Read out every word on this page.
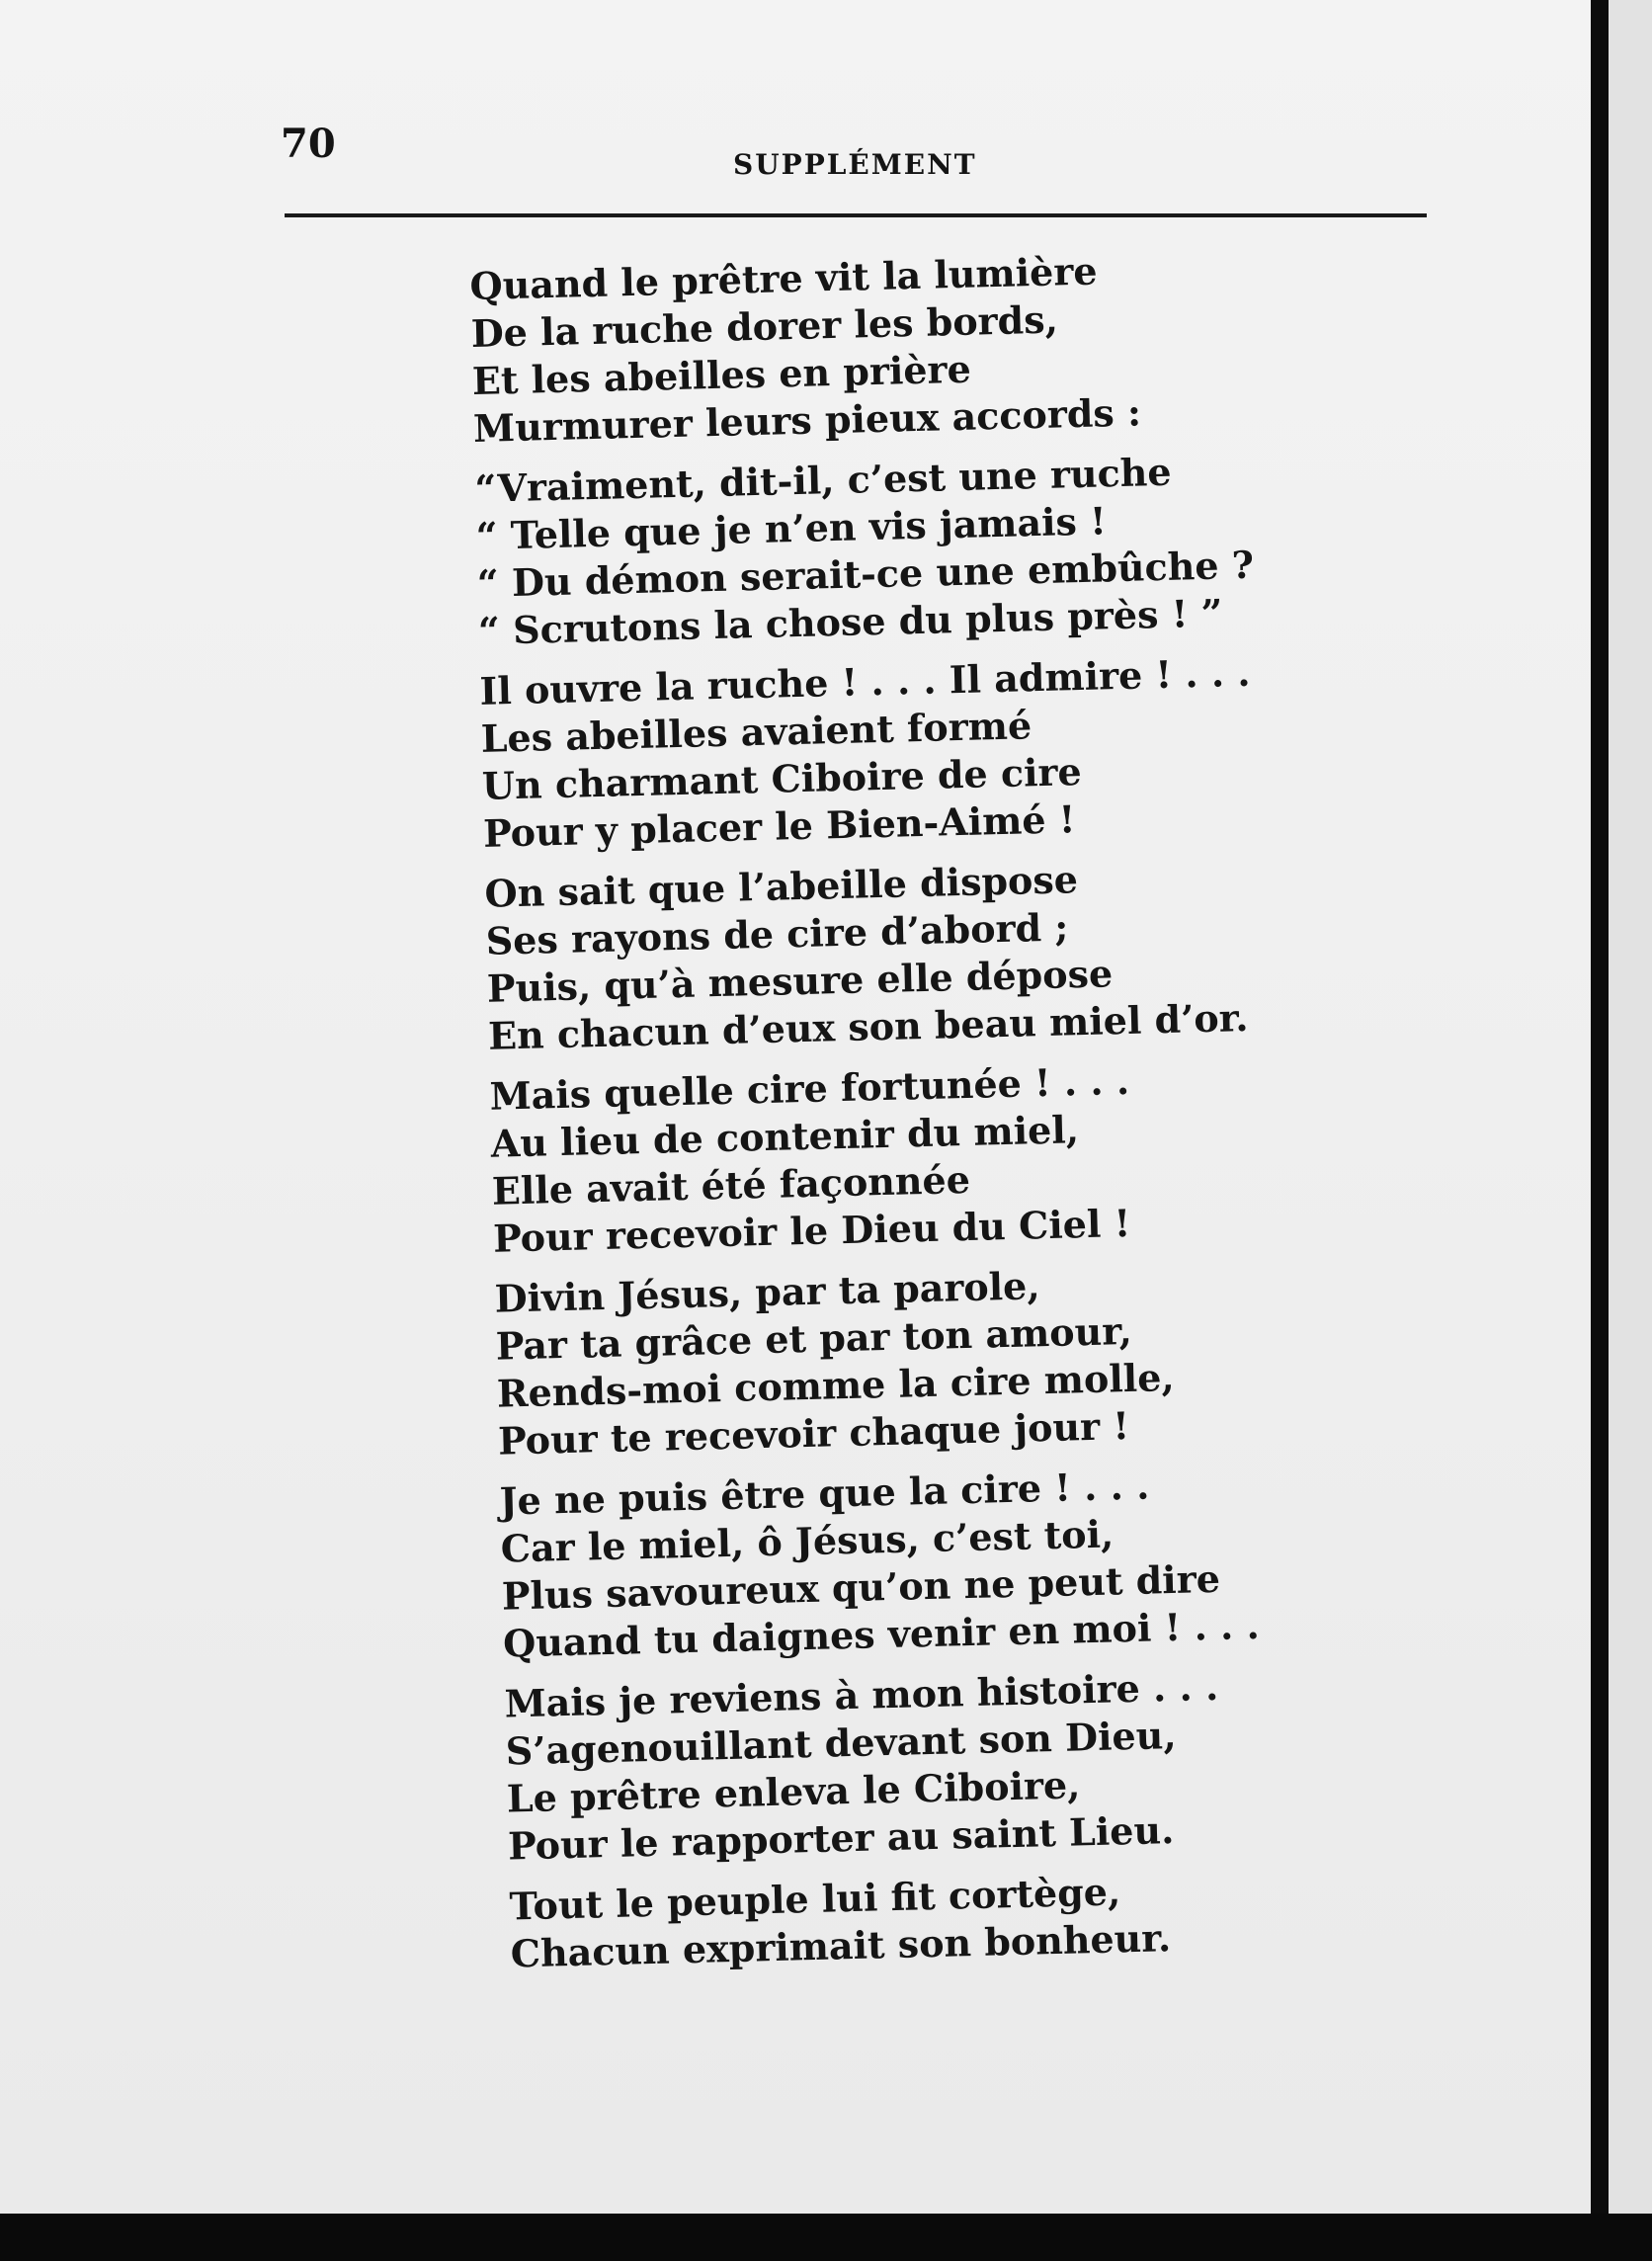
70	SUPPLÉMENT
Quand le prêtre vit la lumière
De la ruche dorer les bords,
Et les abeilles en prière
Murmurer leurs pieux accords :
“Vraiment, dit-il, c’est une ruche
“ Telle que je n’en vis jamais !
“ Du démon serait-ce une embûche ?
“ Scrutons la chose du plus près ! ”
Il ouvre la ruche ! . . . Il admire ! . . .
Les abeilles avaient formé
Un charmant Ciboire de cire
Pour y placer le Bien-Aimé !
On sait que l’abeille dispose
Ses rayons de cire d’abord ;
Puis, qu’à mesure elle dépose
En chacun d’eux son beau miel d’or.
Mais quelle cire fortunée ! . . .
Au lieu de contenir du miel,
Elle avait été façonnée
Pour recevoir le Dieu du Ciel !
Divin Jésus, par ta parole,
Par ta grâce et par ton amour,
Rends-moi comme la cire molle,
Pour te recevoir chaque jour !
Je ne puis être que la cire ! . . .
Car le miel, ô Jésus, c’est toi,
Plus savoureux qu’on ne peut dire
Quand tu daignes venir en moi ! . . .
Mais je reviens à mon histoire . . .
S’agenouillant devant son Dieu,
Le prêtre enleva le Ciboire,
Pour le rapporter au saint Lieu.
Tout le peuple lui fit cortège,
Chacun exprimait son bonheur.
